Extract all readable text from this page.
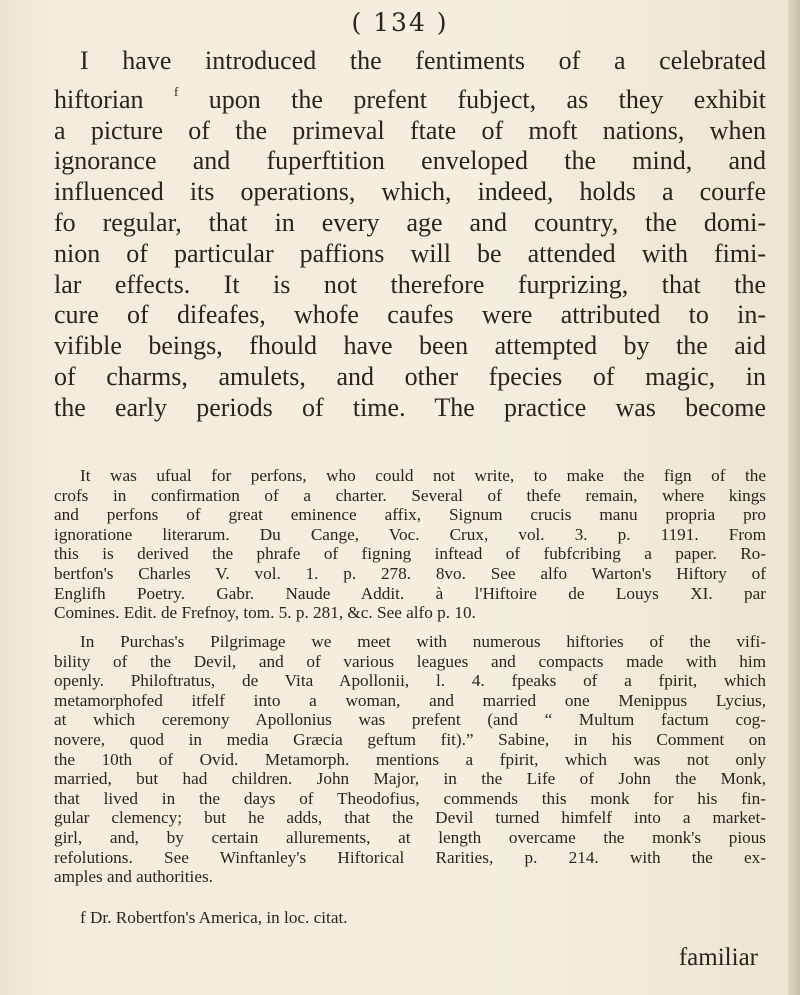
( 134 )
I have introduced the fentiments of a celebrated
hiftorian $^f$ upon the prefent fubject, as they exhibit
a picture of the primeval ftate of moft nations, when
ignorance and fuperftition enveloped the mind, and
influenced its operations, which, indeed, holds a courfe
fo regular, that in every age and country, the domi-
nion of particular paffions will be attended with fimi-
lar effects. It is not therefore furprizing, that the
cure of difeafes, whofe caufes were attributed to in-
vifible beings, fhould have been attempted by the aid
of charms, amulets, and other fpecies of magic, in
the early periods of time. The practice was become
It was ufual for perfons, who could not write, to make the fign of the
crofs in confirmation of a charter. Several of thefe remain, where kings
and perfons of great eminence affix, Signum crucis manu propria pro
ignoratione literarum. Du Cange, Voc. Crux, vol. 3. p. 1191. From
this is derived the phrafe of figning inftead of fubfcribing a paper. Ro-
bertfon's Charles V. vol. 1. p. 278. 8vo. See alfo Warton's Hiftory of
Englifh Poetry. Gabr. Naude Addit. à l'Hiftoire de Louys XI. par
Comines. Edit. de Frefnoy, tom. 5. p. 281, &c. See alfo p. 10.
In Purchas's Pilgrimage we meet with numerous hiftories of the vifi-
bility of the Devil, and of various leagues and compacts made with him
openly. Philoftratus, de Vita Apollonii, l. 4. fpeaks of a fpirit, which
metamorphofed itfelf into a woman, and married one Menippus Lycius,
at which ceremony Apollonius was prefent (and “ Multum factum cog-
novere, quod in media Græcia geftum fit).” Sabine, in his Comment on
the 10th of Ovid. Metamorph. mentions a fpirit, which was not only
married, but had children. John Major, in the Life of John the Monk,
that lived in the days of Theodofius, commends this monk for his fin-
gular clemency; but he adds, that the Devil turned himfelf into a market-
girl, and, by certain allurements, at length overcame the monk's pious
refolutions. See Winftanley's Hiftorical Rarities, p. 214. with the ex-
amples and authorities.
f Dr. Robertfon's America, in loc. citat.
familiar
